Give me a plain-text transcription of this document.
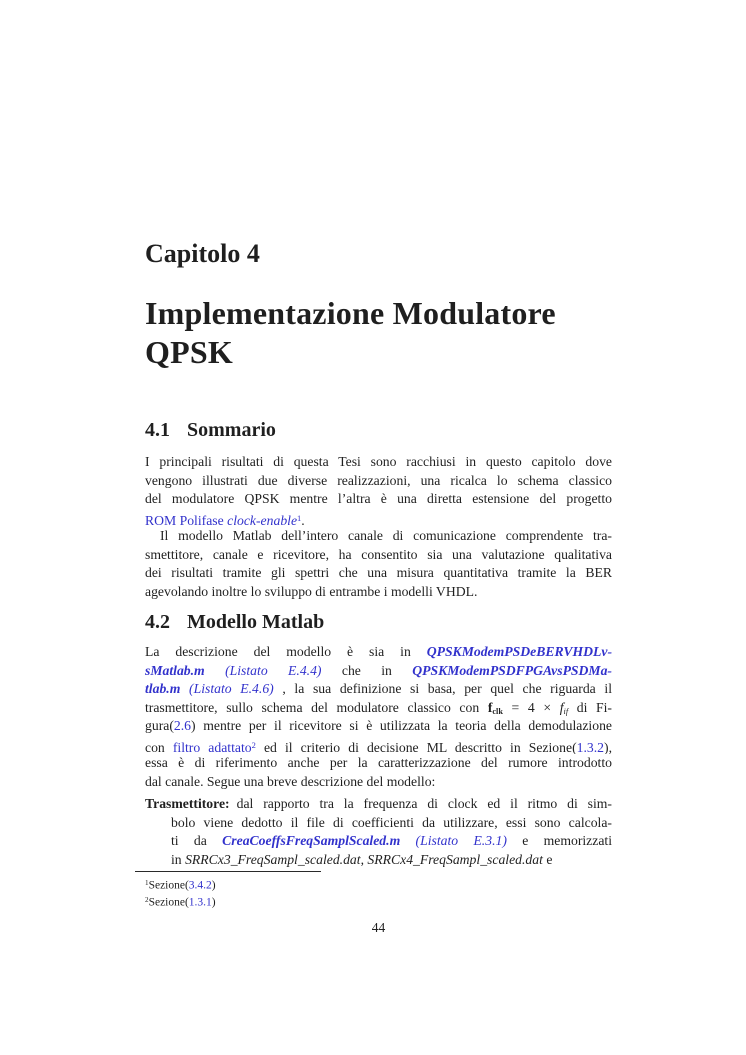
Capitolo 4
Implementazione Modulatore
QPSK
4.1 Sommario
I principali risultati di questa Tesi sono racchiusi in questo capitolo dove
vengono illustrati due diverse realizzazioni, una ricalca lo schema classico
del modulatore QPSK mentre l’altra è una diretta estensione del progetto
ROM Polifase clock-enable$^1$.
Il modello Matlab dell’intero canale di comunicazione comprendente tra-
smettitore, canale e ricevitore, ha consentito sia una valutazione qualitativa
dei risultati tramite gli spettri che una misura quantitativa tramite la BER
agevolando inoltre lo sviluppo di entrambe i modelli VHDL.
4.2 Modello Matlab
La descrizione del modello è sia in QPSKModemPSDeBERVHDLv-
sMatlab.m (Listato E.4.4) che in QPSKModemPSDFPGAvsPSDMa-
tlab.m (Listato E.4.6) , la sua definizione si basa, per quel che riguarda il
trasmettitore, sullo schema del modulatore classico con fclk = 4 × fif di Fi-
gura(2.6) mentre per il ricevitore si è utilizzata la teoria della demodulazione
con filtro adattato$^2$ ed il criterio di decisione ML descritto in Sezione(1.3.2),
essa è di riferimento anche per la caratterizzazione del rumore introdotto
dal canale. Segue una breve descrizione del modello:
Trasmettitore: dal rapporto tra la frequenza di clock ed il ritmo di sim-
bolo viene dedotto il file di coefficienti da utilizzare, essi sono calcola-
ti da CreaCoeffsFreqSamplScaled.m (Listato E.3.1) e memorizzati
in SRRCx3_FreqSampl_scaled.dat, SRRCx4_FreqSampl_scaled.dat e
$^1$Sezione(3.4.2)
$^2$Sezione(1.3.1)
44
